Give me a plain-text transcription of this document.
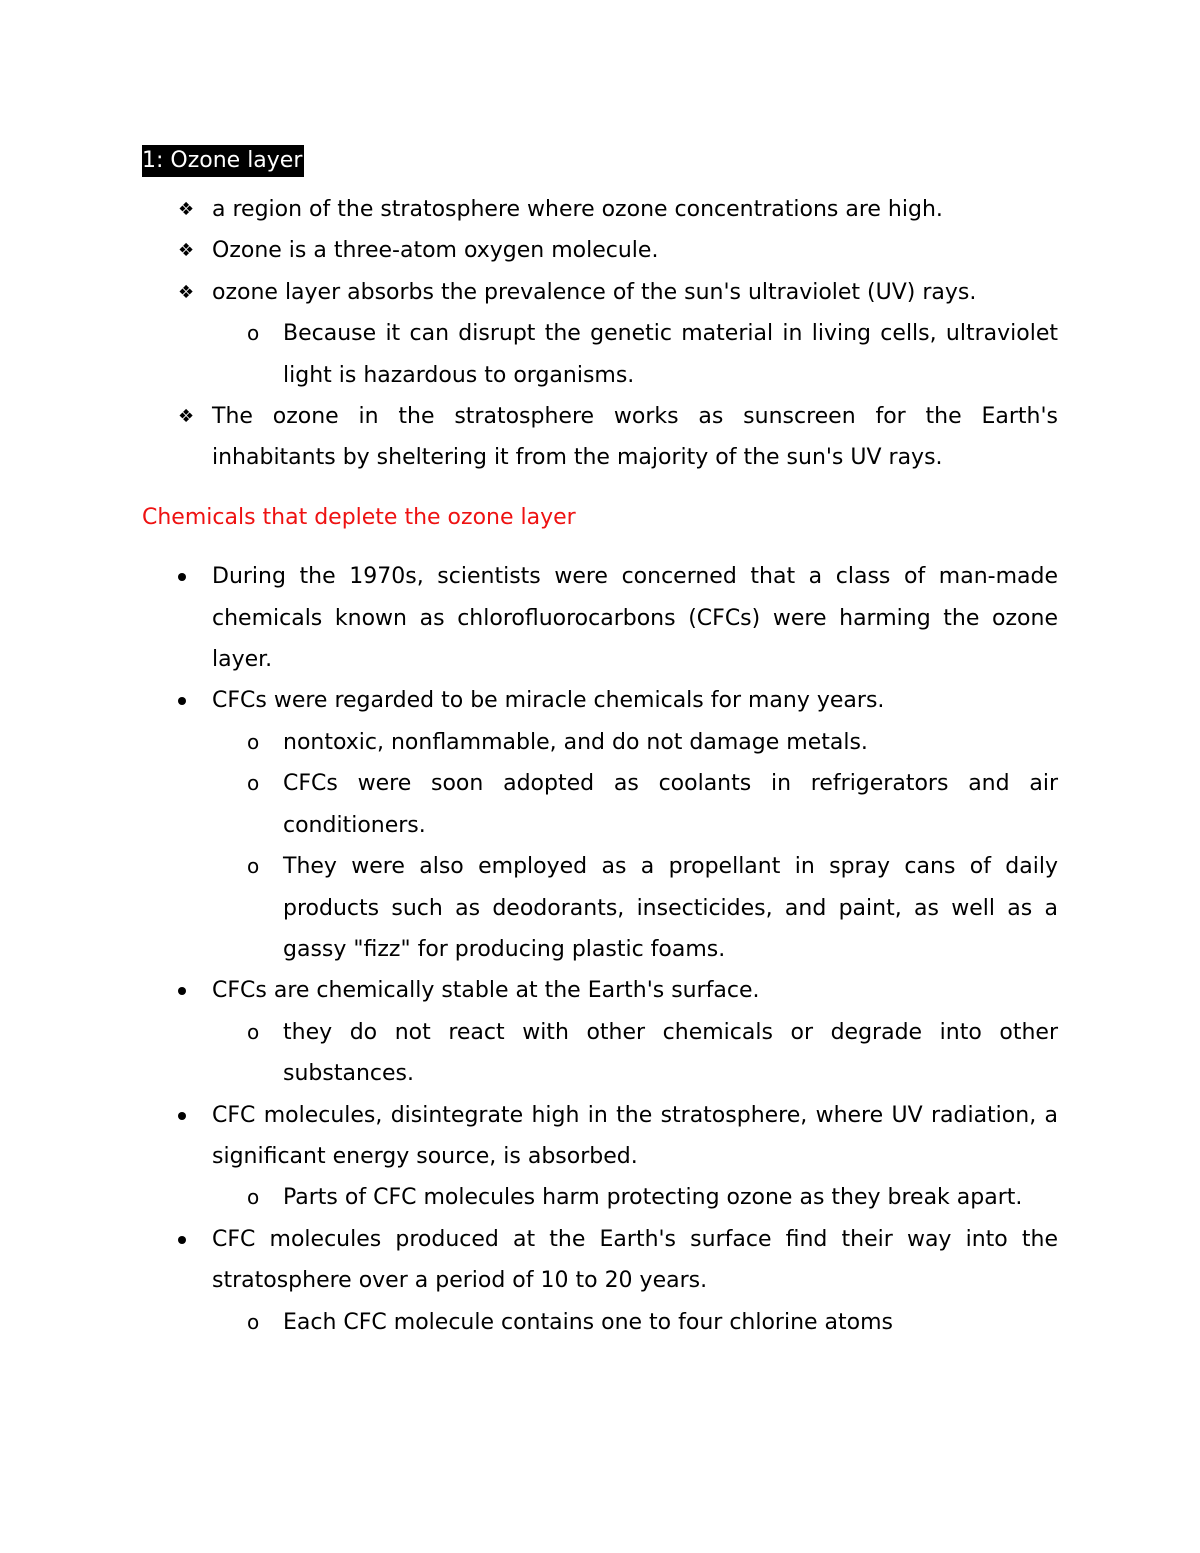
1: Ozone layer
❖ a region of the stratosphere where ozone concentrations are high.
❖ Ozone is a three-atom oxygen molecule.
❖ ozone layer absorbs the prevalence of the sun's ultraviolet (UV) rays.
o Because it can disrupt the genetic material in living cells, ultraviolet light is hazardous to organisms.
❖ The ozone in the stratosphere works as sunscreen for the Earth's inhabitants by sheltering it from the majority of the sun's UV rays.
Chemicals that deplete the ozone layer
During the 1970s, scientists were concerned that a class of man-made chemicals known as chlorofluorocarbons (CFCs) were harming the ozone layer.
CFCs were regarded to be miracle chemicals for many years.
o nontoxic, nonflammable, and do not damage metals.
o CFCs were soon adopted as coolants in refrigerators and air conditioners.
o They were also employed as a propellant in spray cans of daily products such as deodorants, insecticides, and paint, as well as a gassy "fizz" for producing plastic foams.
CFCs are chemically stable at the Earth's surface.
o they do not react with other chemicals or degrade into other substances.
CFC molecules, disintegrate high in the stratosphere, where UV radiation, a significant energy source, is absorbed.
o Parts of CFC molecules harm protecting ozone as they break apart.
CFC molecules produced at the Earth's surface find their way into the stratosphere over a period of 10 to 20 years.
o Each CFC molecule contains one to four chlorine atoms
